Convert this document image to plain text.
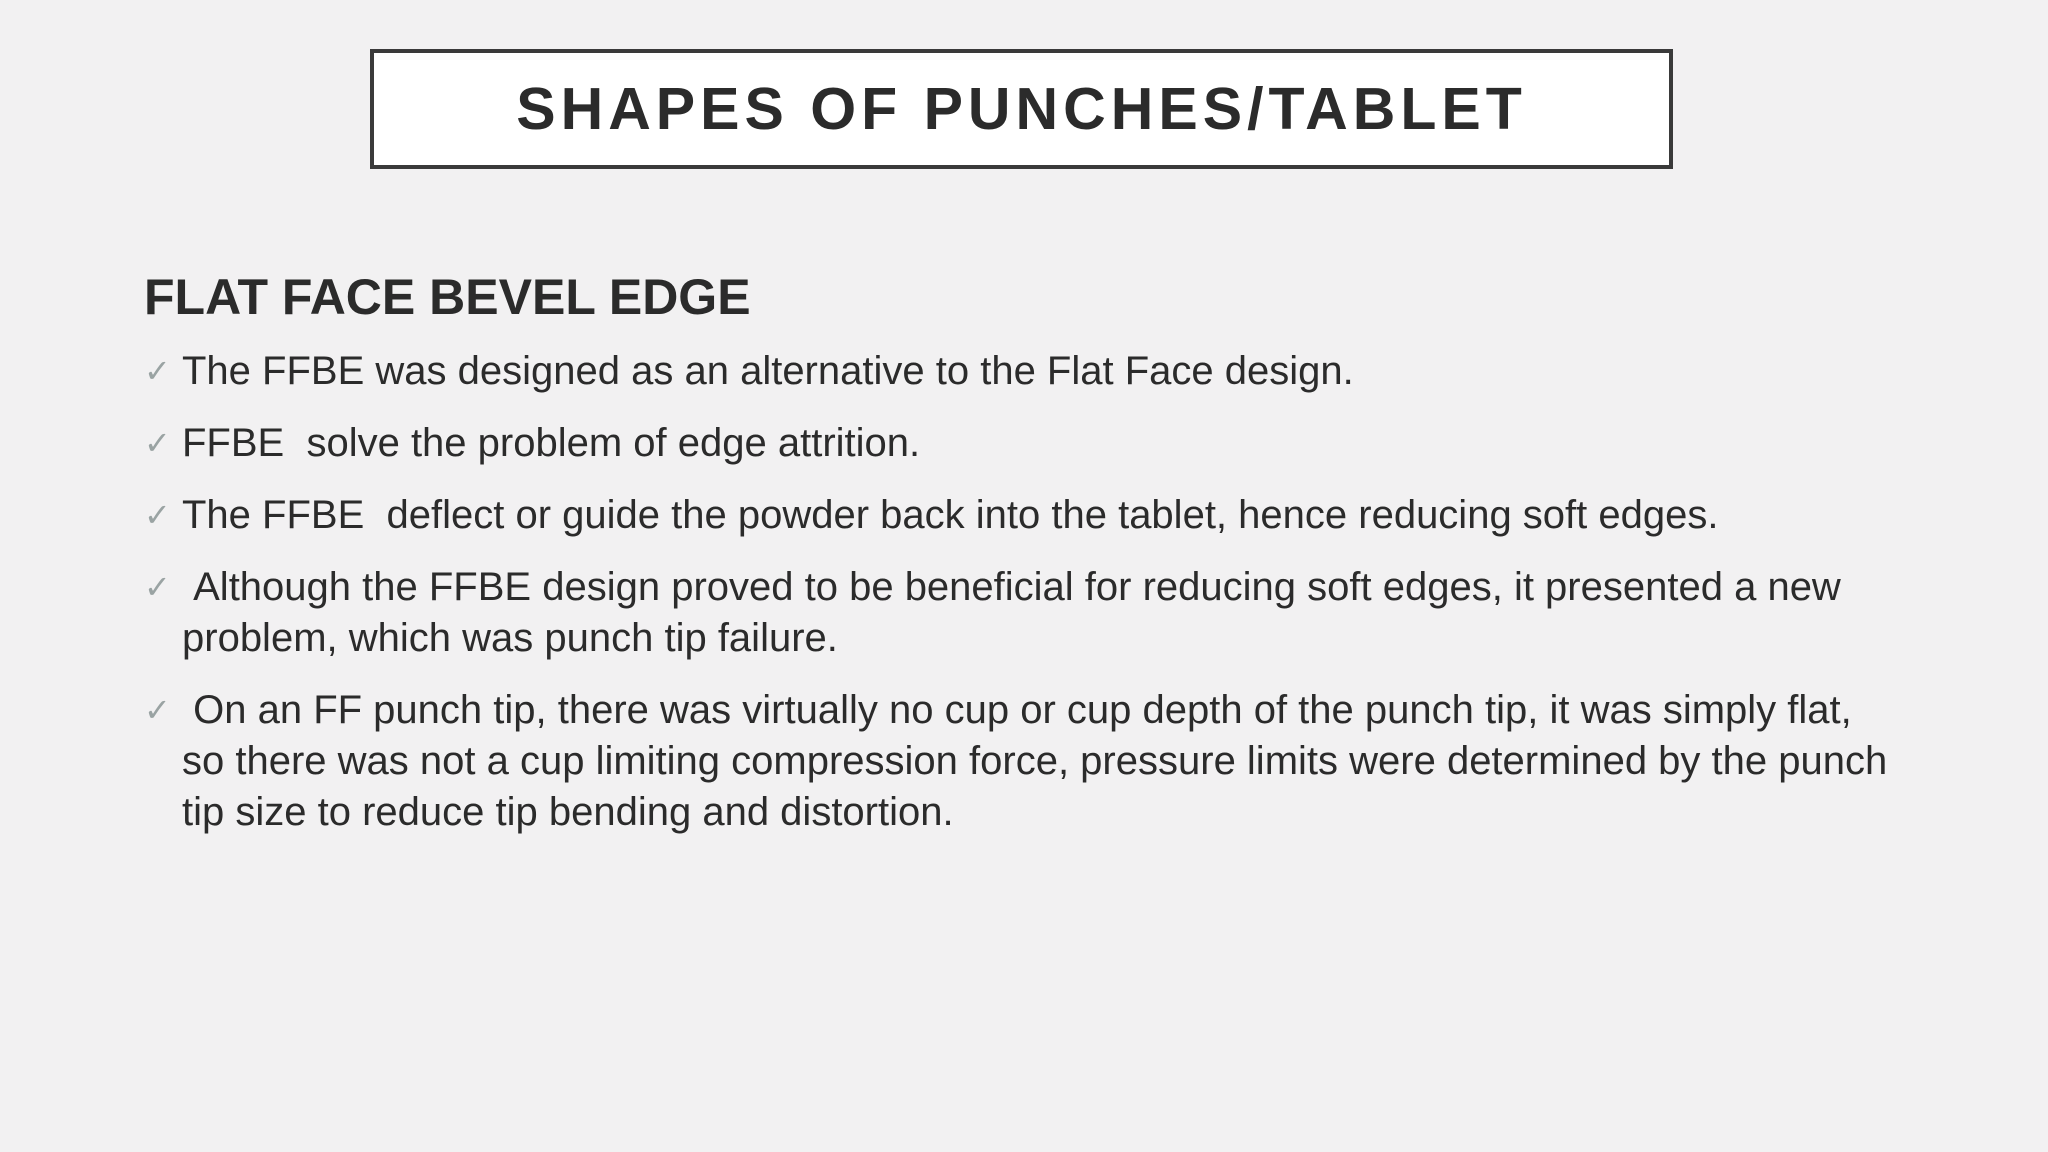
SHAPES OF PUNCHES/TABLET
FLAT FACE BEVEL EDGE
✓ The FFBE was designed as an alternative to the Flat Face design.
✓ FFBE  solve the problem of edge attrition.
✓ The FFBE  deflect or guide the powder back into the tablet, hence reducing soft edges.
✓ Although the FFBE design proved to be beneficial for reducing soft edges, it presented a new problem, which was punch tip failure.
✓ On an FF punch tip, there was virtually no cup or cup depth of the punch tip, it was simply flat, so there was not a cup limiting compression force, pressure limits were determined by the punch tip size to reduce tip bending and distortion.
